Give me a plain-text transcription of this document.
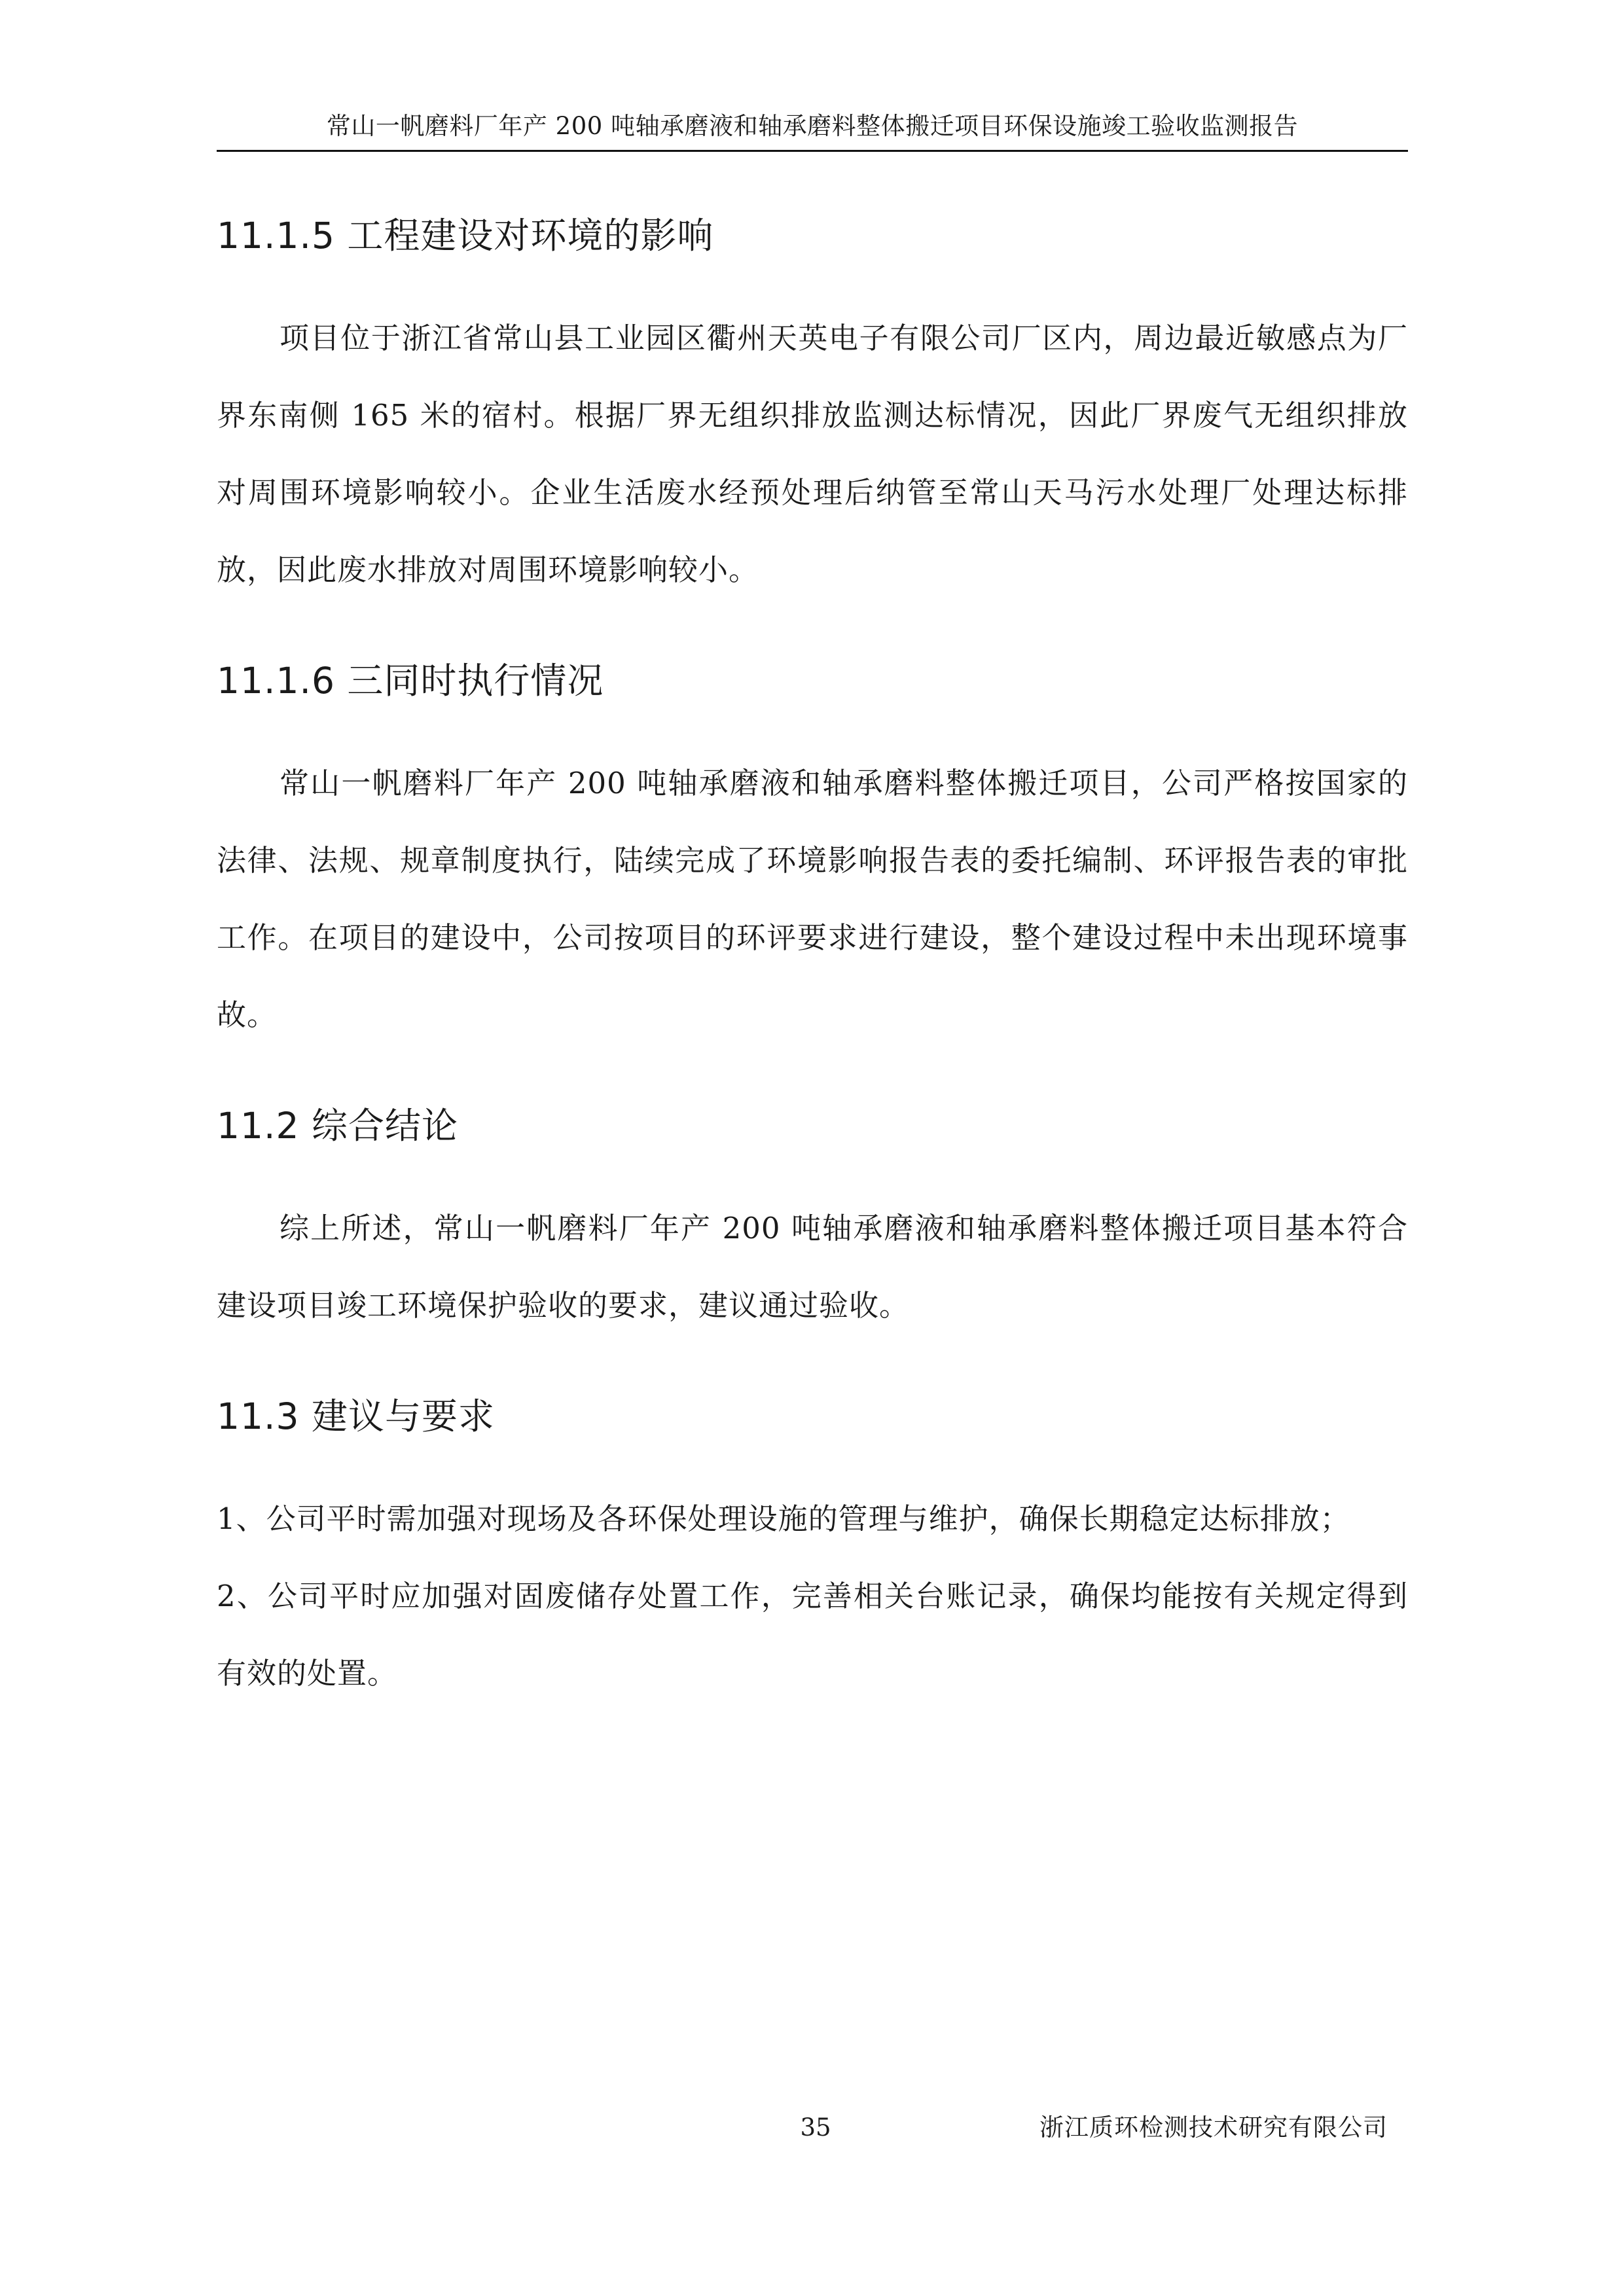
常山一帆磨料厂年产 200 吨轴承磨液和轴承磨料整体搬迁项目环保设施竣工验收监测报告
11.1.5 工程建设对环境的影响

项目位于浙江省常山县工业园区衢州天英电子有限公司厂区内，周边最近敏感点为厂界东南侧 165 米的宿村。根据厂界无组织排放监测达标情况，因此厂界废气无组织排放对周围环境影响较小。企业生活废水经预处理后纳管至常山天马污水处理厂处理达标排放，因此废水排放对周围环境影响较小。

11.1.6 三同时执行情况

常山一帆磨料厂年产 200 吨轴承磨液和轴承磨料整体搬迁项目，公司严格按国家的法律、法规、规章制度执行，陆续完成了环境影响报告表的委托编制、环评报告表的审批工作。在项目的建设中，公司按项目的环评要求进行建设，整个建设过程中未出现环境事故。

11.2 综合结论

综上所述，常山一帆磨料厂年产 200 吨轴承磨液和轴承磨料整体搬迁项目基本符合建设项目竣工环境保护验收的要求，建议通过验收。

11.3 建议与要求

1、公司平时需加强对现场及各环保处理设施的管理与维护，确保长期稳定达标排放；

2、公司平时应加强对固废储存处置工作，完善相关台账记录，确保均能按有关规定得到有效的处置。

35	浙江质环检测技术研究有限公司
